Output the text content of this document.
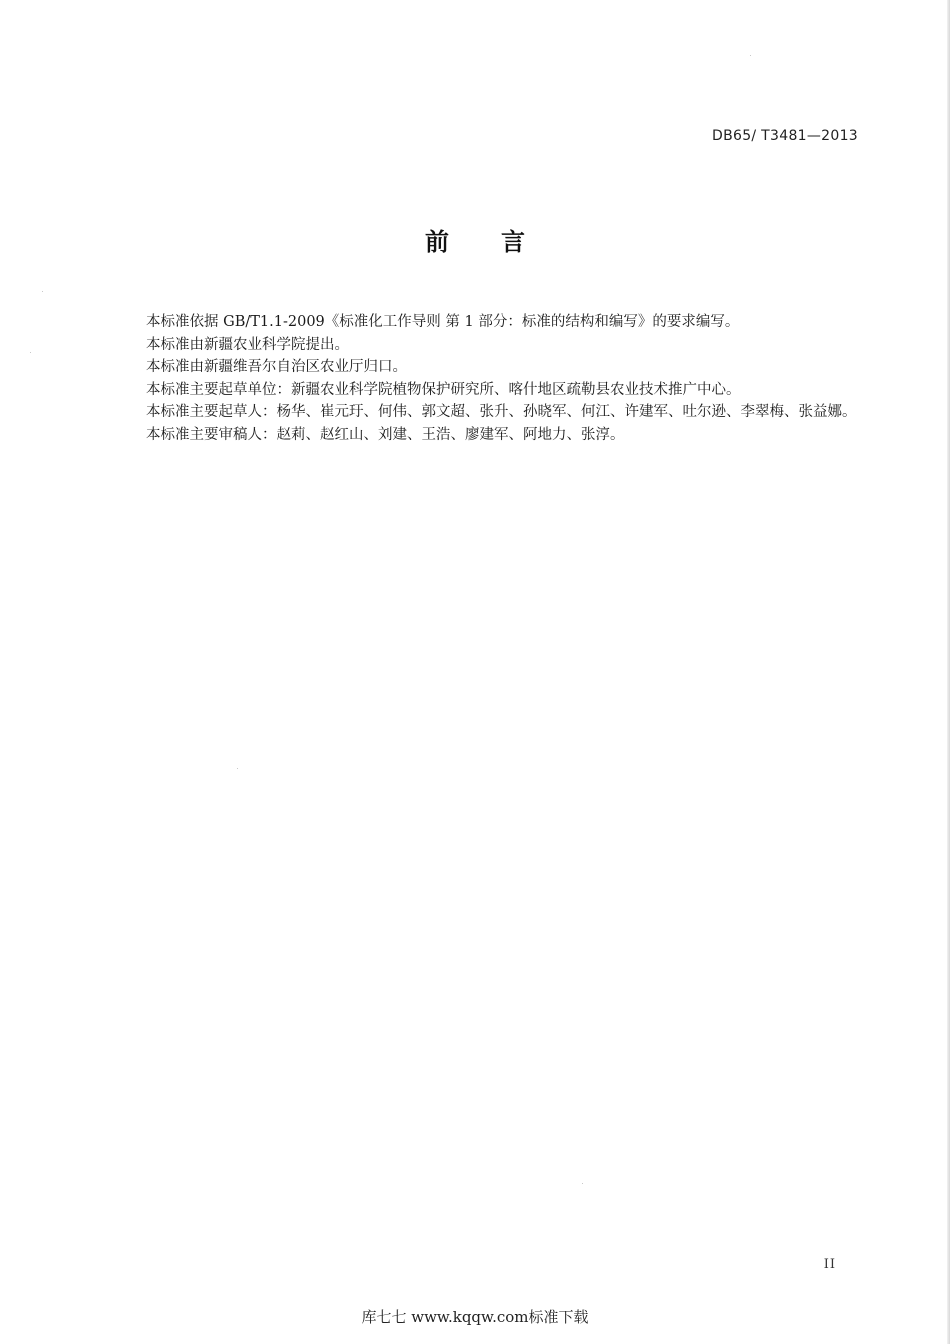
DB65/ T3481—2013
前言

本标准依据 GB/T1.1-2009《标准化工作导则 第 1 部分：标准的结构和编写》的要求编写。

本标准由新疆农业科学院提出。

本标准由新疆维吾尔自治区农业厅归口。

本标准主要起草单位：新疆农业科学院植物保护研究所、喀什地区疏勒县农业技术推广中心。

本标准主要起草人：杨华、崔元玗、何伟、郭文超、张升、孙晓军、何江、许建军、吐尔逊、李翠梅、张益娜。

本标准主要审稿人：赵莉、赵红山、刘建、王浩、廖建军、阿地力、张淳。

II
库七七 www.kqqw.com标准下载
